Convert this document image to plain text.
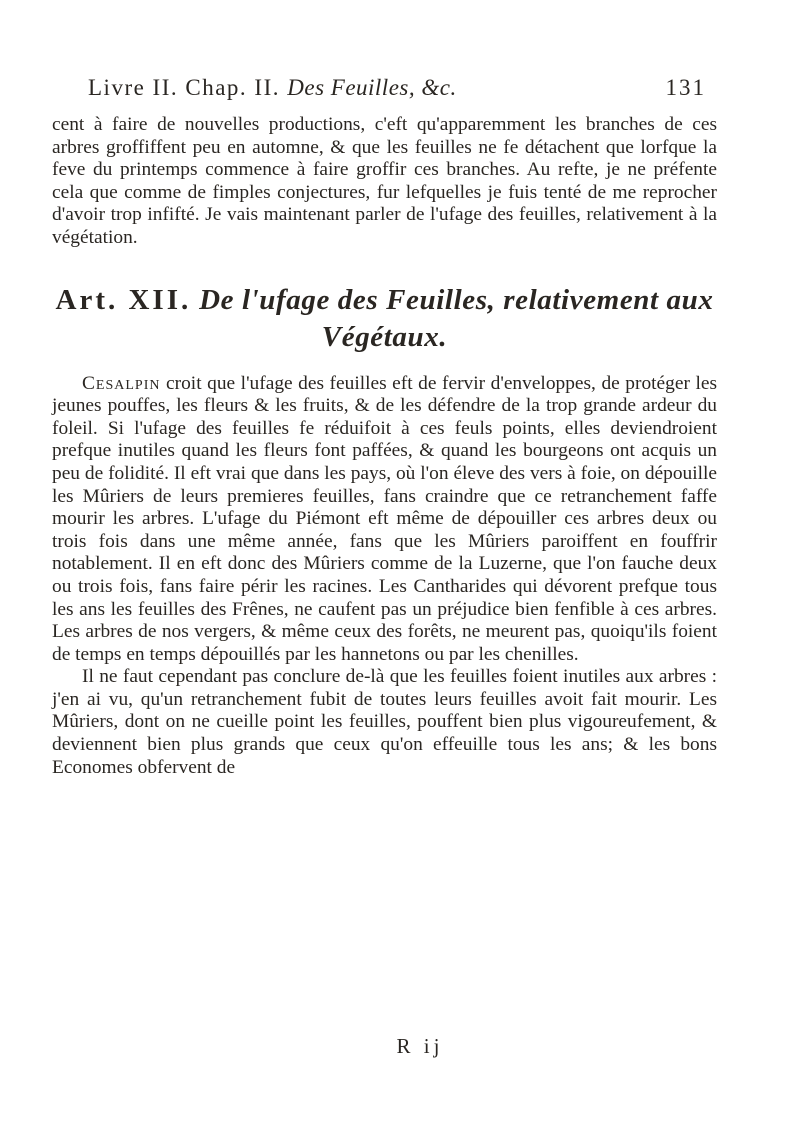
Livre II. Chap. II. Des Feuilles, &c.	131

cent à faire de nouvelles productions, c'eft qu'apparemment les branches de ces arbres groffiffent peu en automne, & que les feuilles ne fe détachent que lorfque la feve du printemps commence à faire groffir ces branches. Au refte, je ne préfente cela que comme de fimples conjectures, fur lefquelles je fuis tenté de me reprocher d'avoir trop infifté. Je vais maintenant parler de l'ufage des feuilles, relativement à la végétation.

Art. XII. De l'ufage des Feuilles, relativement aux Végétaux.

Cesalpin croit que l'ufage des feuilles eft de fervir d'enveloppes, de protéger les jeunes pouffes, les fleurs & les fruits, & de les défendre de la trop grande ardeur du foleil. Si l'ufage des feuilles fe réduifoit à ces feuls points, elles deviendroient prefque inutiles quand les fleurs font paffées, & quand les bourgeons ont acquis un peu de folidité. Il eft vrai que dans les pays, où l'on éleve des vers à foie, on dépouille les Mûriers de leurs premieres feuilles, fans craindre que ce retranchement faffe mourir les arbres. L'ufage du Piémont eft même de dépouiller ces arbres deux ou trois fois dans une même année, fans que les Mûriers paroiffent en fouffrir notablement. Il en eft donc des Mûriers comme de la Luzerne, que l'on fauche deux ou trois fois, fans faire périr les racines. Les Cantharides qui dévorent prefque tous les ans les feuilles des Frênes, ne caufent pas un préjudice bien fenfible à ces arbres. Les arbres de nos vergers, & même ceux des forêts, ne meurent pas, quoiqu'ils foient de temps en temps dépouillés par les hannetons ou par les chenilles.

Il ne faut cependant pas conclure de-là que les feuilles foient inutiles aux arbres : j'en ai vu, qu'un retranchement fubit de toutes leurs feuilles avoit fait mourir. Les Mûriers, dont on ne cueille point les feuilles, pouffent bien plus vigoureufement, & deviennent bien plus grands que ceux qu'on effeuille tous les ans; & les bons Economes obfervent de

R ij
